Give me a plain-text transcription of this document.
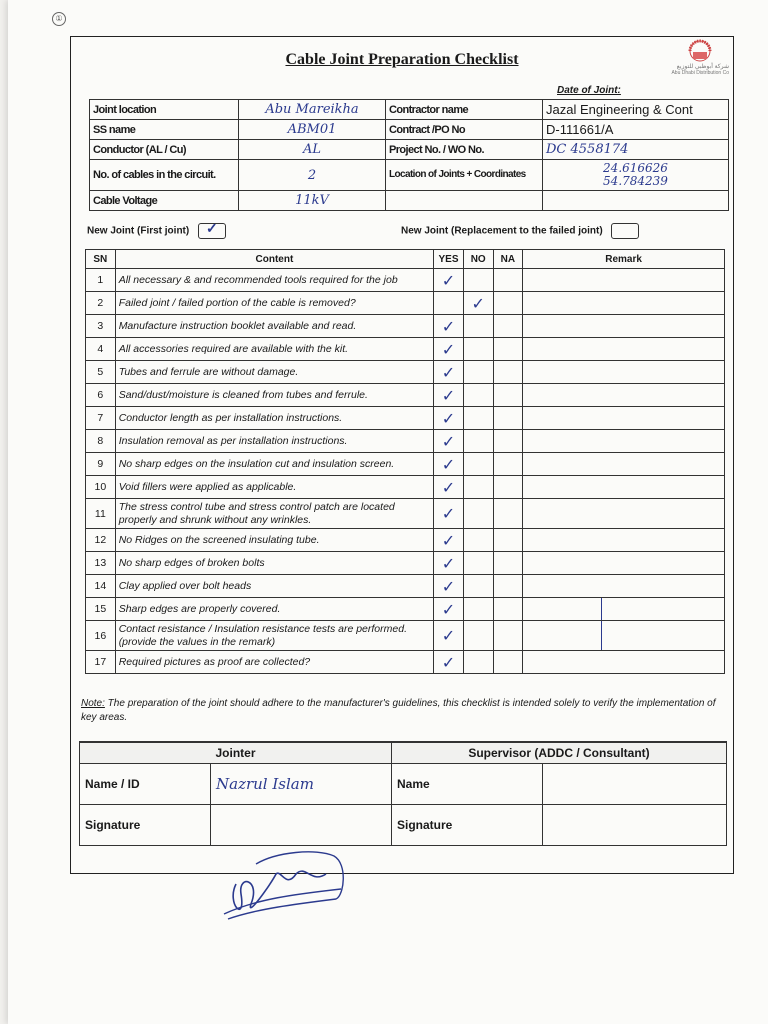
①
Cable Joint Preparation Checklist	شركة أبوظبي للتوزيع
Abu Dhabi Distribution Co
Date of Joint:
Joint location	Abu Mareikha	Contractor name	Jazal Engineering & Cont
SS name	ABM01	Contract /PO No	D-111661/A
Conductor (AL / Cu)	AL	Project No. / WO No.	DC 4558174
No. of cables in the circuit.	2	Location of Joints + Coordinates	24.616626
54.784239

Cable Voltage	11kV		
New Joint (First joint) ✓	New Joint (Replacement to the failed joint)
SN	Content	YES	NO	NA	Remark
1	All necessary & and recommended tools required for the job	✓			
2	Failed joint / failed portion of the cable is removed?		✓		
3	Manufacture instruction booklet available and read.	✓			
4	All accessories required are available with the kit.	✓			
5	Tubes and ferrule are without damage.	✓			
6	Sand/dust/moisture is cleaned from tubes and ferrule.	✓			
7	Conductor length as per installation instructions.	✓			
8	Insulation removal as per installation instructions.	✓			
9	No sharp edges on the insulation cut and insulation screen.	✓			
10	Void fillers were applied as applicable.	✓			
11	The stress control tube and stress control patch are located properly and shrunk without any wrinkles.	✓			
12	No Ridges on the screened insulating tube.	✓			
13	No sharp edges of broken bolts	✓			
14	Clay applied over bolt heads	✓			
15	Sharp edges are properly covered.	✓			

16	Contact resistance / Insulation resistance tests are performed. (provide the values in the remark)	✓			

17	Required pictures as proof are collected?	✓			
Note: The preparation of the joint should adhere to the manufacturer's guidelines, this checklist is intended solely to verify the implementation of key areas.
Jointer		Supervisor (ADDC / Consultant)	
Name / ID	Nazrul Islam	Name	
Signature		Signature	
